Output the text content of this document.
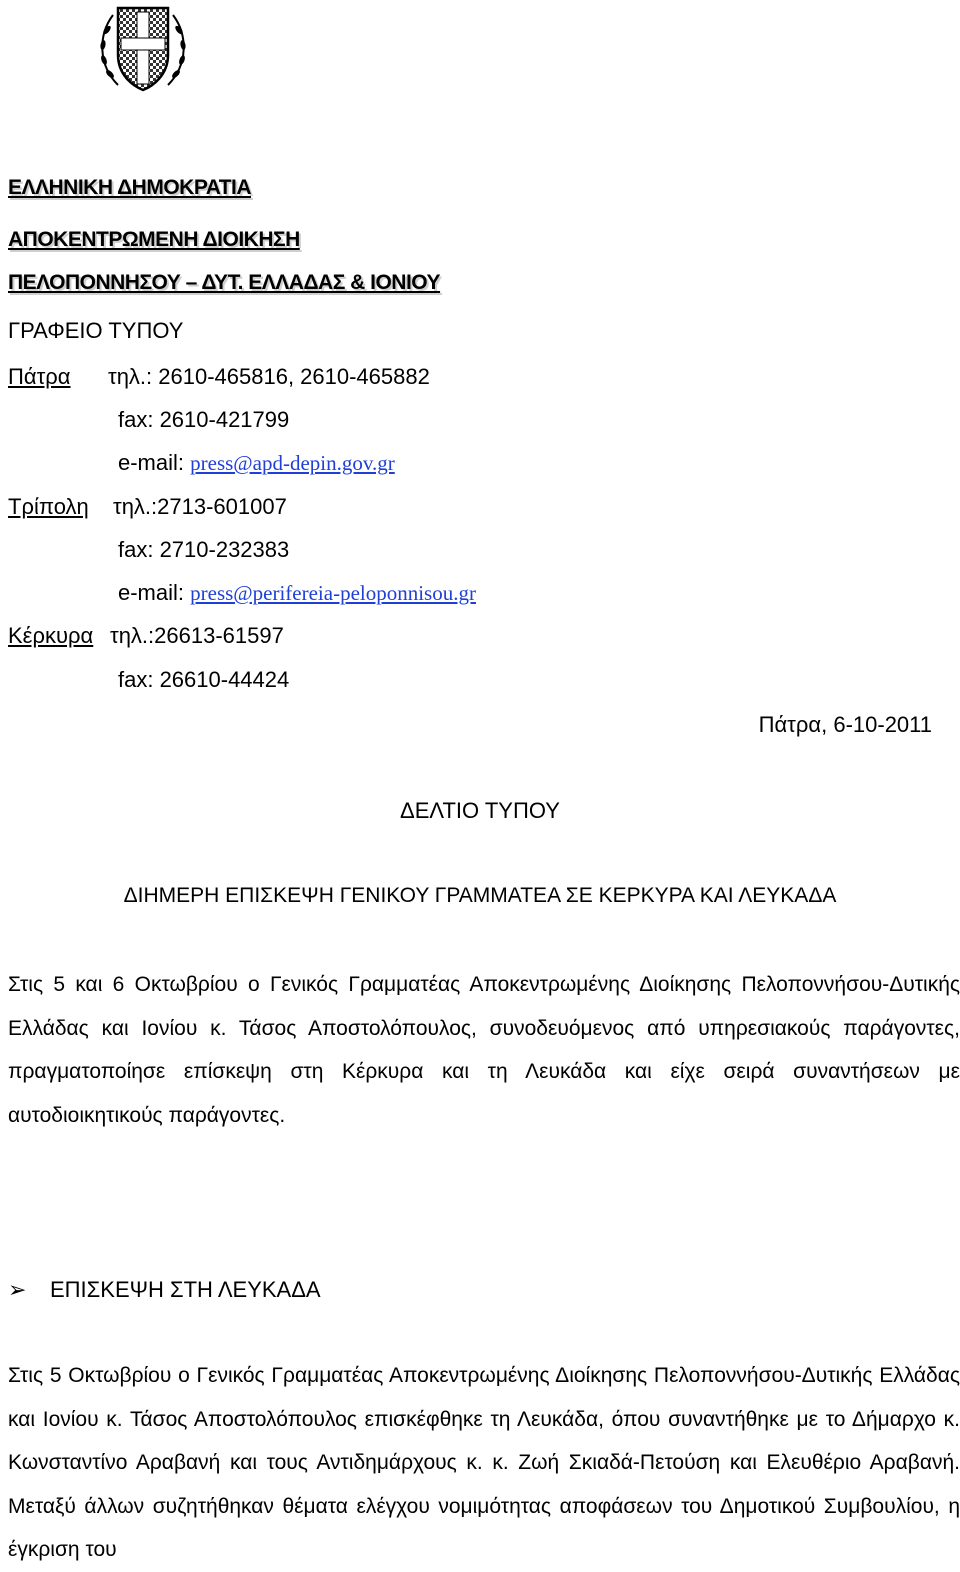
ΕΛΛΗΝΙΚΗ ΔΗΜΟΚΡΑΤΙΑ
ΑΠΟΚΕΝΤΡΩΜΕΝΗ ΔΙΟΙΚΗΣΗ
ΠΕΛΟΠΟΝΝΗΣΟΥ – ΔΥΤ. ΕΛΛΑΔΑΣ & ΙΟΝΙΟΥ
ΓΡΑΦΕΙΟ ΤΥΠΟΥ
Πάτρα τηλ.: 2610-465816, 2610-465882
fax: 2610-421799
e-mail: press@apd-depin.gov.gr
Τρίπολη τηλ.:2713-601007
fax: 2710-232383
e-mail: press@perifereia-peloponnisou.gr
Κέρκυρα τηλ.:26613-61597
fax: 26610-44424
Πάτρα, 6-10-2011
ΔΕΛΤΙΟ ΤΥΠΟΥ
ΔΙΗΜΕΡΗ ΕΠΙΣΚΕΨΗ ΓΕΝΙΚΟΥ ΓΡΑΜΜΑΤΕΑ ΣΕ ΚΕΡΚΥΡΑ ΚΑΙ ΛΕΥΚΑΔΑ
Στις 5 και 6 Οκτωβρίου ο Γενικός Γραμματέας Αποκεντρωμένης Διοίκησης Πελοποννήσου-Δυτικής Ελλάδας και Ιονίου κ. Τάσος Αποστολόπουλος, συνοδευόμενος από υπηρεσιακούς παράγοντες, πραγματοποίησε επίσκεψη στη Κέρκυρα και τη Λευκάδα και είχε σειρά συναντήσεων με αυτοδιοικητικούς παράγοντες.
➢ ΕΠΙΣΚΕΨΗ ΣΤΗ ΛΕΥΚΑΔΑ
Στις 5 Οκτωβρίου ο Γενικός Γραμματέας Αποκεντρωμένης Διοίκησης Πελοποννήσου-Δυτικής Ελλάδας και Ιονίου κ. Τάσος Αποστολόπουλος επισκέφθηκε τη Λευκάδα, όπου συναντήθηκε με το Δήμαρχο κ. Κωνσταντίνο Αραβανή και τους Αντιδημάρχους κ. κ. Ζωή Σκιαδά-Πετούση και Ελευθέριο Αραβανή. Μεταξύ άλλων συζητήθηκαν θέματα ελέγχου νομιμότητας αποφάσεων του Δημοτικού Συμβουλίου, η έγκριση του
